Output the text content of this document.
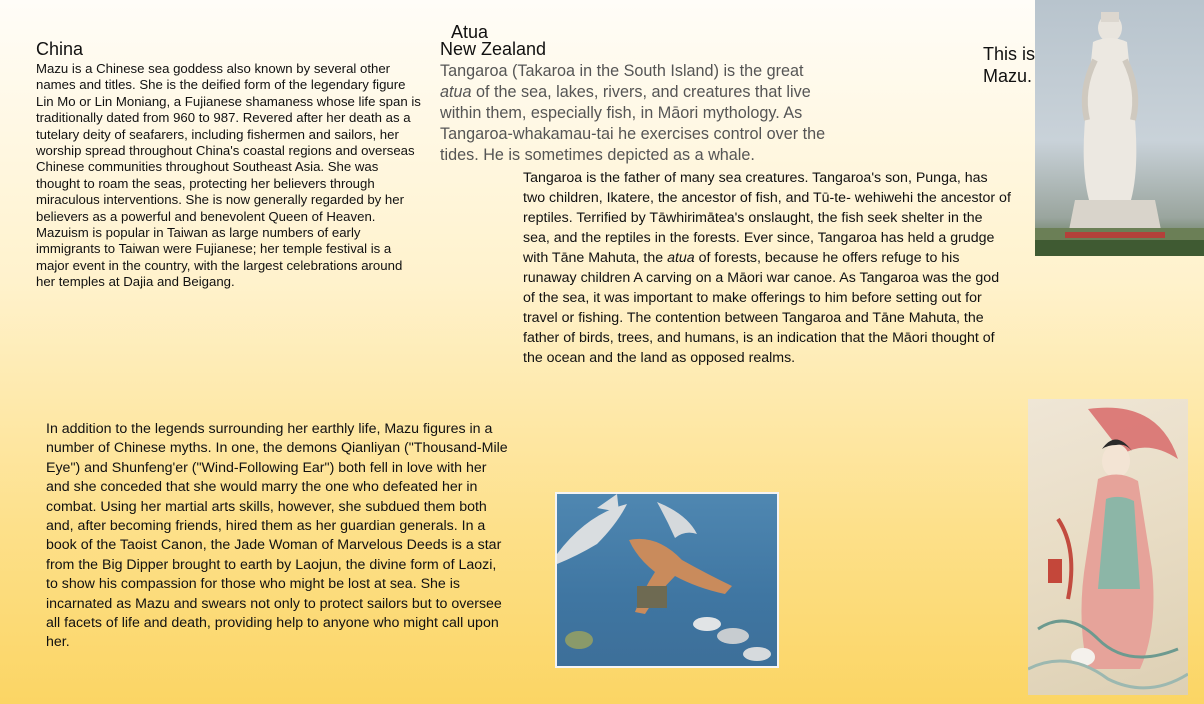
China
Mazu is a Chinese sea goddess also known by several other names and titles. She is the deified form of the legendary figure Lin Mo or Lin Moniang, a Fujianese shamaness whose life span is traditionally dated from 960 to 987. Revered after her death as a tutelary deity of seafarers, including fishermen and sailors, her worship spread throughout China's coastal regions and overseas Chinese communities throughout Southeast Asia. She was thought to roam the seas, protecting her believers through miraculous interventions. She is now generally regarded by her believers as a powerful and benevolent Queen of Heaven. Mazuism is popular in Taiwan as large numbers of early immigrants to Taiwan were Fujianese; her temple festival is a major event in the country, with the largest celebrations around her temples at Dajia and Beigang.
Atua
New Zealand
Tangaroa (Takaroa in the South Island) is the great atua of the sea, lakes, rivers, and creatures that live within them, especially fish, in Māori mythology. As Tangaroa-whakamau-tai he exercises control over the tides. He is sometimes depicted as a whale.
Tangaroa is the father of many sea creatures. Tangaroa's son, Punga, has two children, Ikatere, the ancestor of fish, and Tū-te- wehiwehi the ancestor of reptiles. Terrified by Tāwhirimātea's onslaught, the fish seek shelter in the sea, and the reptiles in the forests. Ever since, Tangaroa has held a grudge with Tāne Mahuta, the atua of forests, because he offers refuge to his runaway children A carving on a Māori war canoe. As Tangaroa was the god of the sea, it was important to make offerings to him before setting out for travel or fishing. The contention between Tangaroa and Tāne Mahuta, the father of birds, trees, and humans, is an indication that the Māori thought of the ocean and the land as opposed realms.
This is
Mazu.
In addition to the legends surrounding her earthly life, Mazu figures in a number of Chinese myths. In one, the demons Qianliyan ("Thousand-Mile Eye") and Shunfeng'er ("Wind-Following Ear") both fell in love with her and she conceded that she would marry the one who defeated her in combat. Using her martial arts skills, however, she subdued them both and, after becoming friends, hired them as her guardian generals. In a book of the Taoist Canon, the Jade Woman of Marvelous Deeds is a star from the Big Dipper brought to earth by Laojun, the divine form of Laozi, to show his compassion for those who might be lost at sea. She is incarnated as Mazu and swears not only to protect sailors but to oversee all facets of life and death, providing help to anyone who might call upon her.
